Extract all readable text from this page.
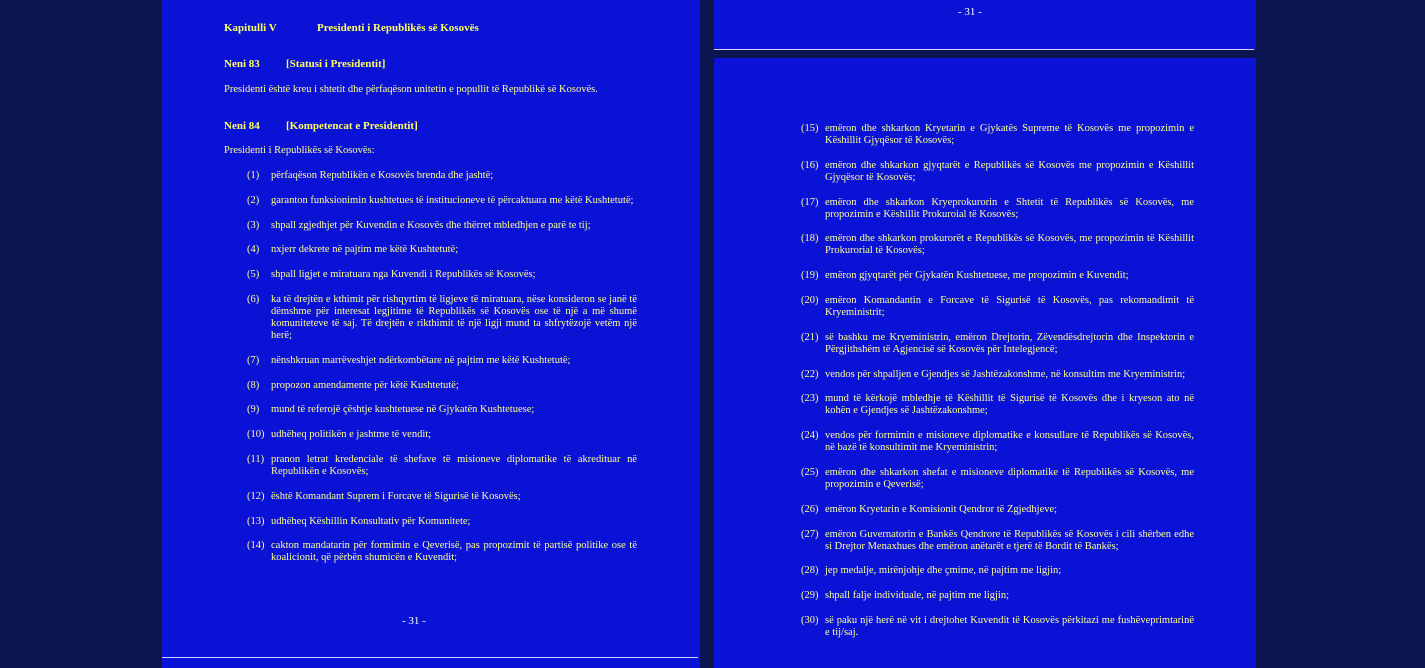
Kapitulli V	Presidenti i Republikës së Kosovës
Neni 83 [Statusi i Presidentit]
Presidenti është kreu i shtetit dhe përfaqëson unitetin e popullit të Republikë së Kosovës.
Neni 84 [Kompetencat e Presidentit]
Presidenti i Republikës së Kosovës:
(1) përfaqëson Republikën e Kosovës brenda dhe jashtë;
(2) garanton funksionimin kushtetues të institucioneve të përcaktuara me këtë Kushtetutë;
(3) shpall zgjedhjet për Kuvendin e Kosovës dhe thërret mbledhjen e parë te tij;
(4) nxjerr dekrete në pajtim me këtë Kushtetutë;
(5) shpall ligjet e miratuara nga Kuvendi i Republikës së Kosovës;
(6) ka të drejtën e kthimit për rishqyrtim të ligjeve të miratuara, nëse konsideron se janë të dëmshme për interesat legjitime të Republikës së Kosovës ose të një a më shumë komuniteteve të saj. Të drejtën e rikthimit të një ligji mund ta shfrytëzojë vetëm një herë;
(7) nënshkruan marrëveshjet ndërkombëtare në pajtim me këtë Kushtetutë;
(8) propozon amendamente për këtë Kushtetutë;
(9) mund të referojë çështje kushtetuese në Gjykatën Kushtetuese;
(10) udhëheq politikën e jashtme të vendit;
(11) pranon letrat kredenciale të shefave të misioneve diplomatike të akredituar në Republikën e Kosovës;
(12) është Komandant Suprem i Forcave të Sigurisë të Kosovës;
(13) udhëheq Këshillin Konsultativ për Komunitete;
(14) cakton mandatarin për formimin e Qeverisë, pas propozimit të partisë politike ose të koalicionit, që përbën shumicën e Kuvendit;
- 31 -
- 31 -
(15) emëron dhe shkarkon Kryetarin e Gjykatës Supreme të Kosovës me propozimin e Këshillit Gjyqësor të Kosovës;
(16) emëron dhe shkarkon gjyqtarët e Republikës së Kosovës me propozimin e Këshillit Gjyqësor të Kosovës;
(17) emëron dhe shkarkon Kryeprokurorin e Shtetit të Republikës së Kosovës, me propozimin e Këshillit Prokuroial të Kosovës;
(18) emëron dhe shkarkon prokurorët e Republikës së Kosovës, me propozimin të Këshillit Prokurorial të Kosovës;
(19) emëron gjyqtarët për Gjykatën Kushtetuese, me propozimin e Kuvendit;
(20) emëron Komandantin e Forcave të Sigurisë të Kosovës, pas rekomandimit të Kryeministrit;
(21) së bashku me Kryeministrin, emëron Drejtorin, Zëvendësdrejtorin dhe Inspektorin e Përgjithshëm të Agjencisë së Kosovës për Intelegjencë;
(22) vendos për shpalljen e Gjendjes së Jashtëzakonshme, në konsultim me Kryeministrin;
(23) mund të kërkojë mbledhje të Këshillit të Sigurisë të Kosovës dhe i kryeson ato në kohën e Gjendjes së Jashtëzakonshme;
(24) vendos për formimin e misioneve diplomatike e konsullare të Republikës së Kosovës, në bazë të konsultimit me Kryeministrin;
(25) emëron dhe shkarkon shefat e misioneve diplomatike të Republikës së Kosovës, me propozimin e Qeverisë;
(26) emëron Kryetarin e Komisionit Qendror të Zgjedhjeve;
(27) emëron Guvernatorin e Bankës Qendrore të Republikës së Kosovës i cili shërben edhe si Drejtor Menaxhues dhe emëron anëtarët e tjerë të Bordit të Bankës;
(28) jep medalje, mirënjohje dhe çmime, në pajtim me ligjin;
(29) shpall falje individuale, në pajtim me ligjin;
(30) së paku një herë në vit i drejtohet Kuvendit të Kosovës përkitazi me fushëveprimtarinë e tij/saj.
